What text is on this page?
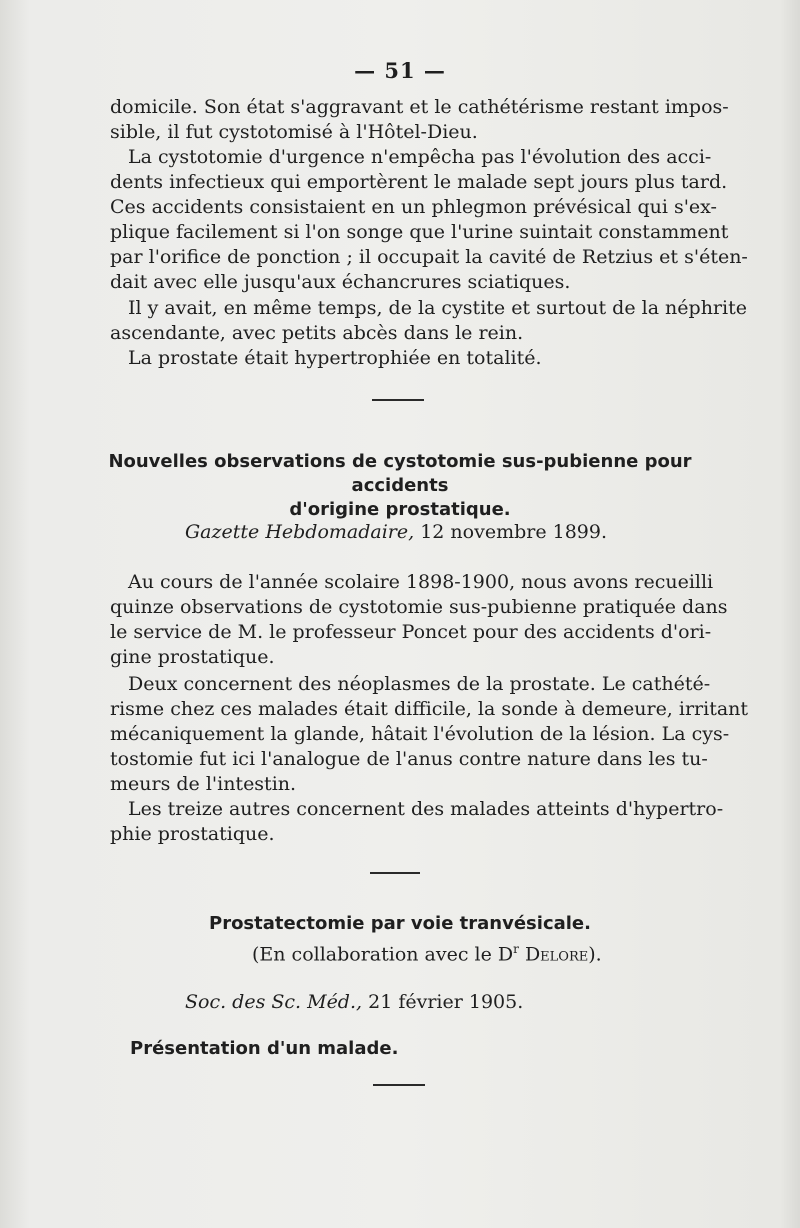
— 51 —
domicile. Son état s'aggravant et le cathétérisme restant impos-
sible, il fut cystotomisé à l'Hôtel-Dieu.
La cystotomie d'urgence n'empêcha pas l'évolution des acci-
dents infectieux qui emportèrent le malade sept jours plus tard.
Ces accidents consistaient en un phlegmon prévésical qui s'ex-
plique facilement si l'on songe que l'urine suintait constamment
par l'orifice de ponction ; il occupait la cavité de Retzius et s'éten-
dait avec elle jusqu'aux échancrures sciatiques.
Il y avait, en même temps, de la cystite et surtout de la néphrite
ascendante, avec petits abcès dans le rein.
La prostate était hypertrophiée en totalité.
Nouvelles observations de cystotomie sus-pubienne pour accidents
d'origine prostatique.
Gazette Hebdomadaire, 12 novembre 1899.
Au cours de l'année scolaire 1898-1900, nous avons recueilli
quinze observations de cystotomie sus-pubienne pratiquée dans
le service de M. le professeur Poncet pour des accidents d'ori-
gine prostatique.
Deux concernent des néoplasmes de la prostate. Le cathété-
risme chez ces malades était difficile, la sonde à demeure, irritant
mécaniquement la glande, hâtait l'évolution de la lésion. La cys-
tostomie fut ici l'analogue de l'anus contre nature dans les tu-
meurs de l'intestin.
Les treize autres concernent des malades atteints d'hypertro-
phie prostatique.
Prostatectomie par voie tranvésicale.
(En collaboration avec le $D^r$ Delore).
Soc. des Sc. Méd., 21 février 1905.
Présentation d'un malade.
